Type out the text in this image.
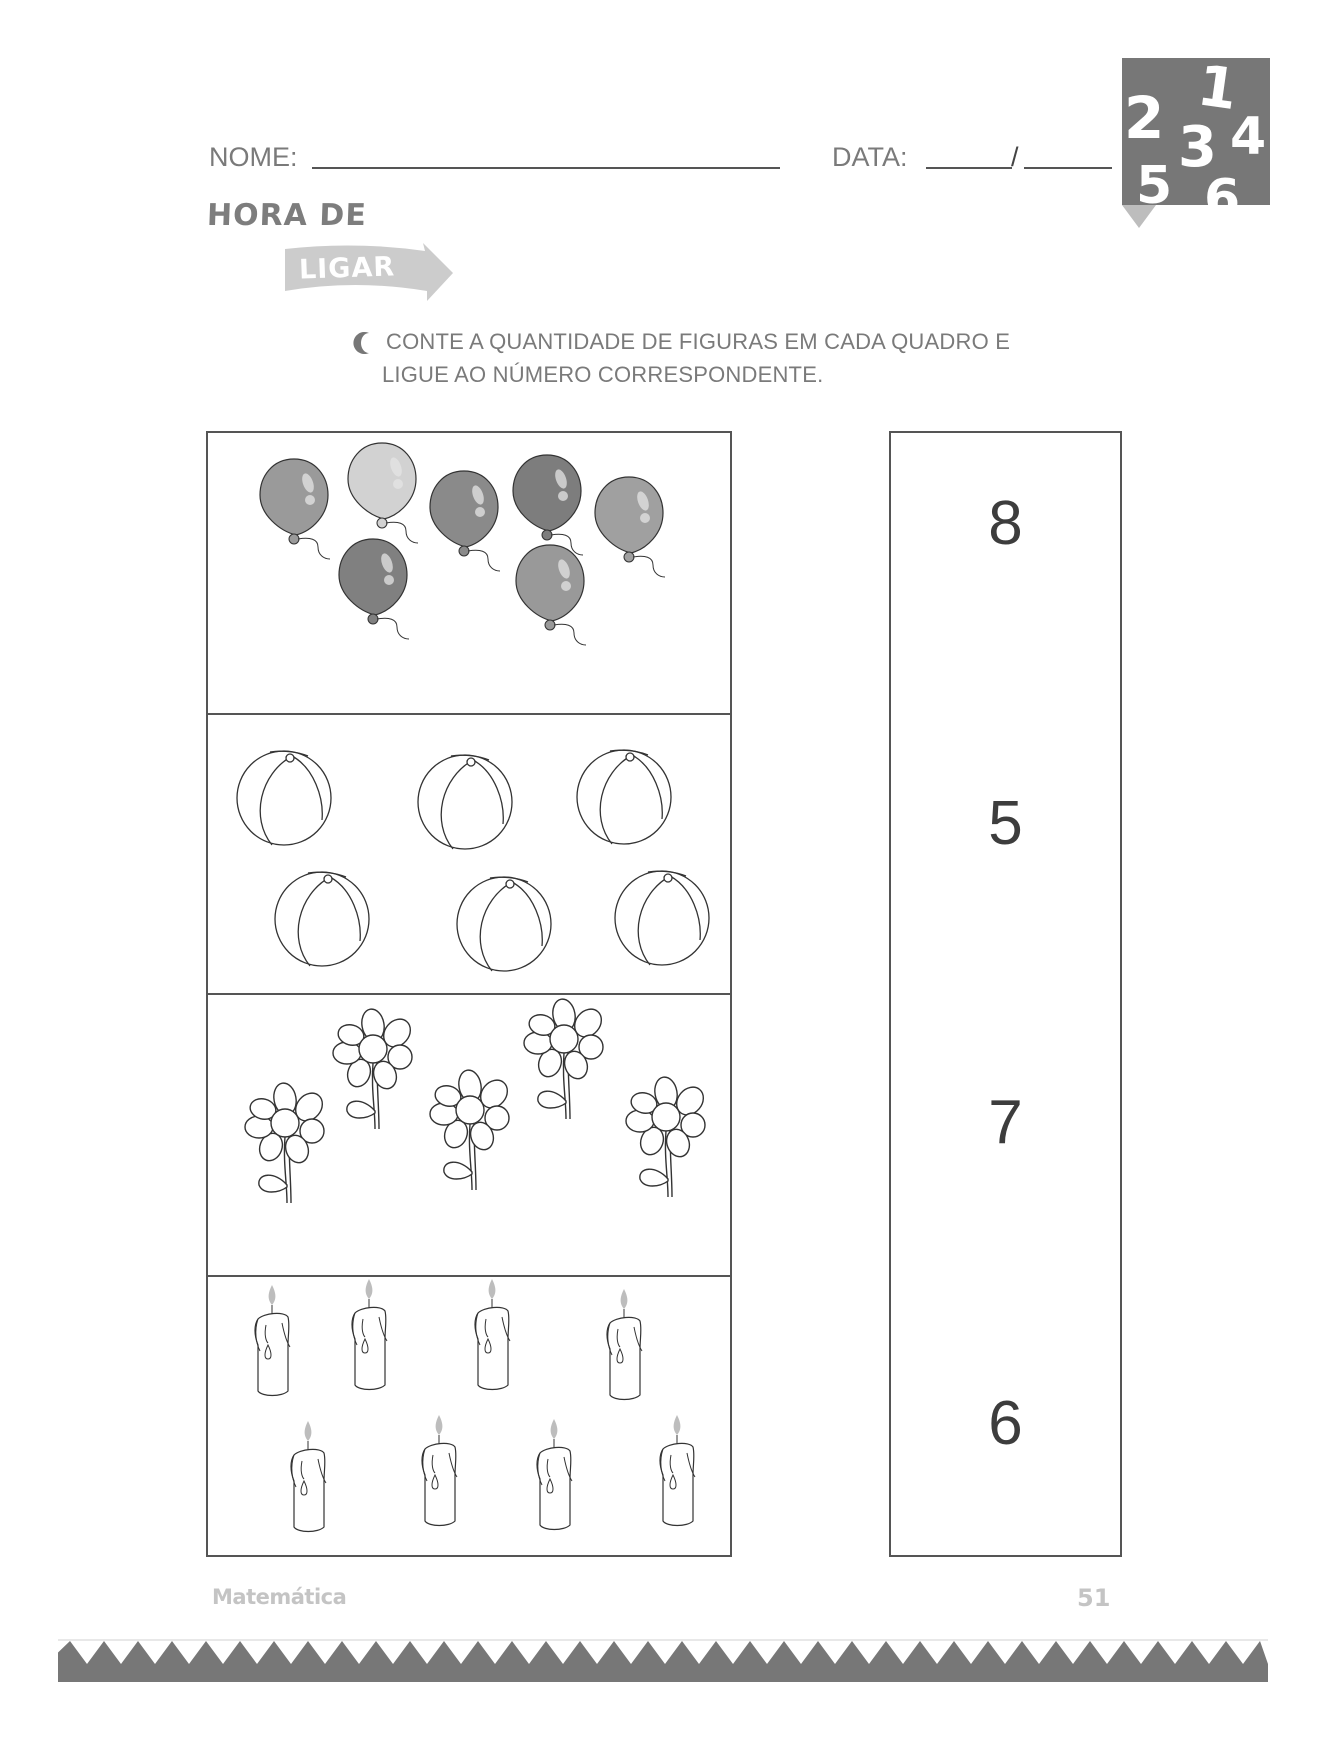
NOME:	DATA:	/
1
2 3 4
5 6
HORA DE
LIGAR
CONTE A QUANTIDADE DE FIGURAS EM CADA QUADRO E
LIGUE AO NÚMERO CORRESPONDENTE.
8
5
7
6
Matemática	51
